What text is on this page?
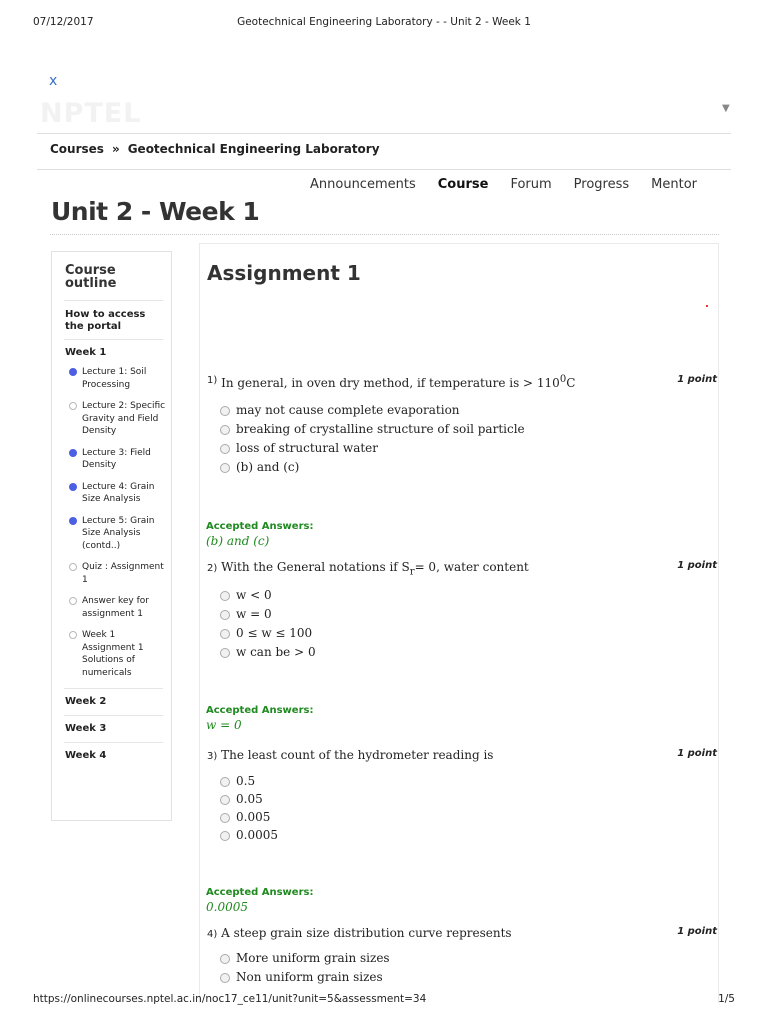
07/12/2017	Geotechnical Engineering Laboratory - - Unit 2 - Week 1
x
NPTEL	▼
Courses » Geotechnical Engineering Laboratory
Announcements Course Forum Progress Mentor
Unit 2 - Week 1
Course outline
How to access the portal
Week 1
Lecture 1: Soil Processing
Lecture 2: Specific Gravity and Field Density
Lecture 3: Field Density
Lecture 4: Grain Size Analysis
Lecture 5: Grain Size Analysis (contd..)
Quiz : Assignment 1
Answer key for assignment 1
Week 1 Assignment 1 Solutions of numericals
Week 2
Week 3
Week 4
Assignment 1
$^{1)}$ In general, in oven dry method, if temperature is > $110^0C$	1 point
may not cause complete evaporation
breaking of crystalline structure of soil particle
loss of structural water
(b) and (c)
Accepted Answers:
(b) and (c)
2) With the General notations if $S_r= 0$, water content	1 point
w < 0
w = 0
0 ≤ w ≤ 100
w can be > 0
Accepted Answers:
w = 0
3) The least count of the hydrometer reading is	1 point
0.5
0.05
0.005
0.0005
Accepted Answers:
0.0005
4) A steep grain size distribution curve represents	1 point
More uniform grain sizes
Non uniform grain sizes
https://onlinecourses.nptel.ac.in/noc17_ce11/unit?unit=5&assessment=34	1/5
